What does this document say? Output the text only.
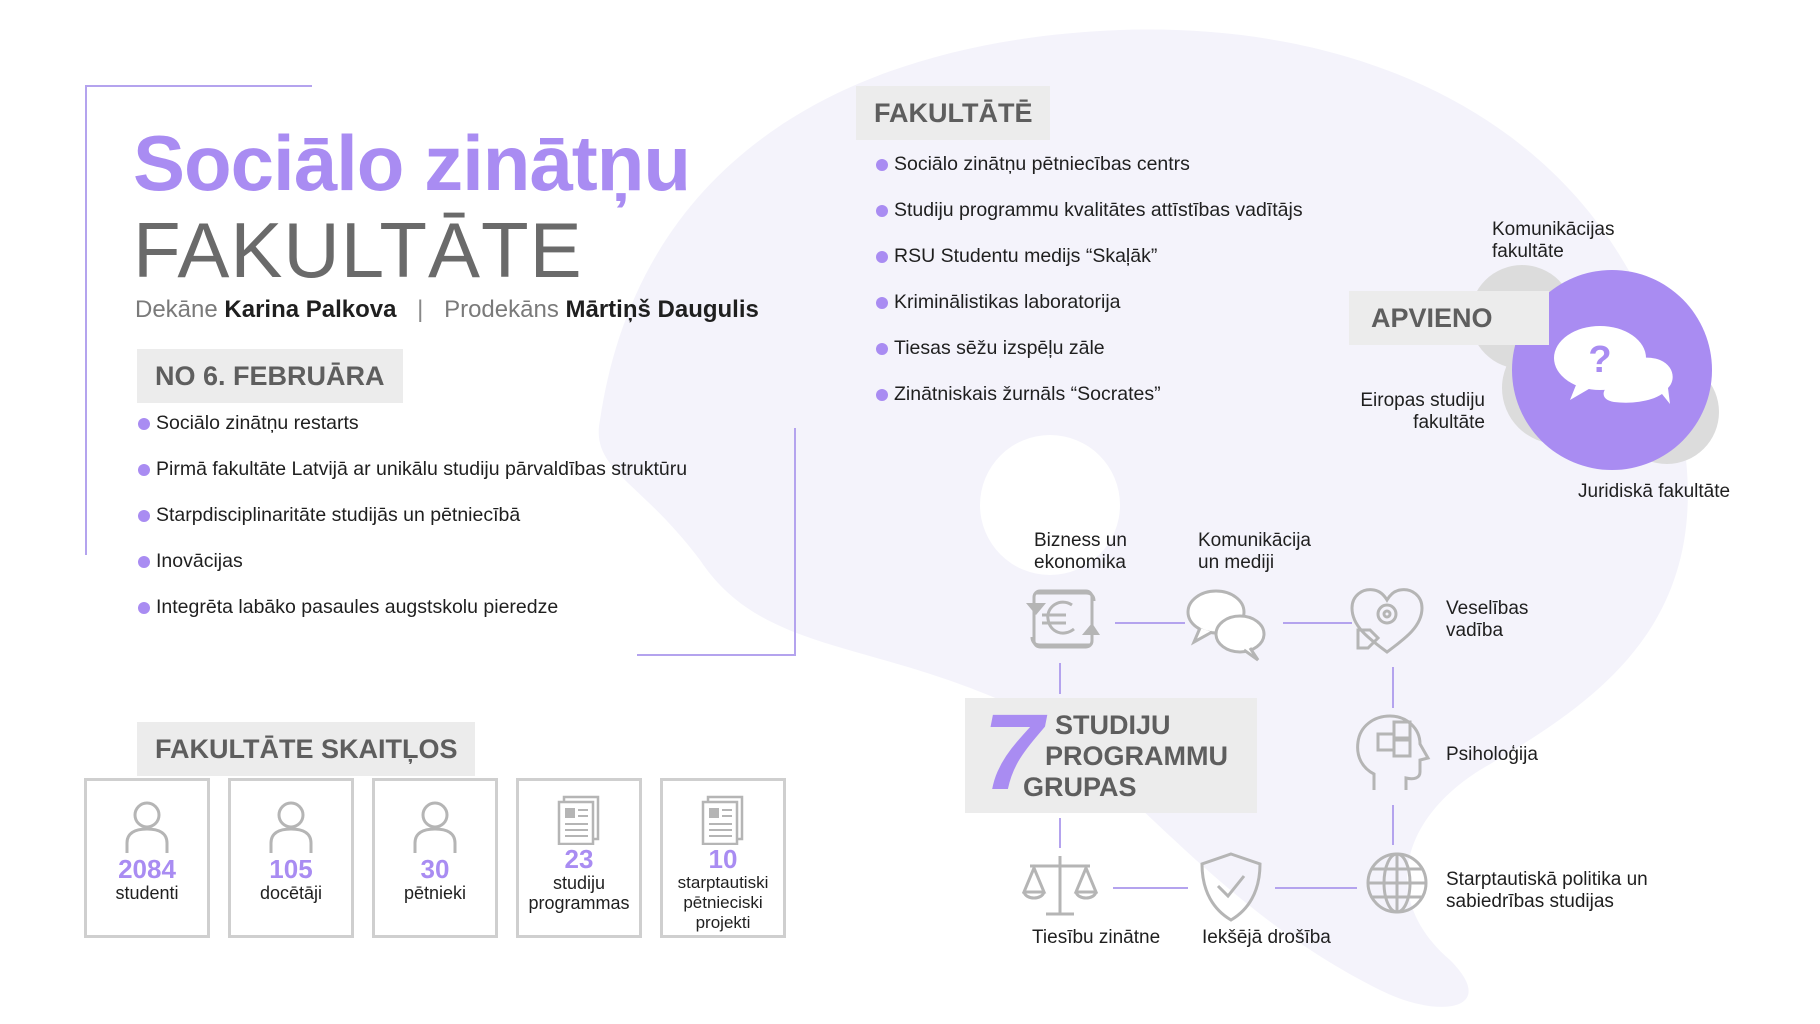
Sociālo zinātņu
FAKULTĀTE
Dekāne Karina Palkova | Prodekāns Mārtiņš Daugulis
NO 6. FEBRUĀRA
Sociālo zinātņu restarts
Pirmā fakultāte Latvijā ar unikālu studiju pārvaldības struktūru
Starpdisciplinaritāte studijās un pētniecībā
Inovācijas
Integrēta labāko pasaules augstskolu pieredze
FAKULTĀTĒ
Sociālo zinātņu pētniecības centrs
Studiju programmu kvalitātes attīstības vadītājs
RSU Studentu medijs “Skaļāk”
Kriminālistikas laboratorija
Tiesas sēžu izspēļu zāle
Zinātniskais žurnāls “Socrates”
APVIENO
Komunikācijas fakultāte
Eiropas studiju fakultāte
Juridiskā fakultāte
?
FAKULTĀTE SKAITĻOS
2084
studenti
105
docētāji
30
pētnieki
23
studiju programmas
10
starptautiski pētnieciski projekti
7 STUDIJU
PROGRAMMU
GRUPAS
Bizness un ekonomika
Komunikācija un mediji
Veselības vadība
Psiholoģija
Starptautiskā politika un sabiedrības studijas
Iekšējā drošība
Tiesību zinātne
